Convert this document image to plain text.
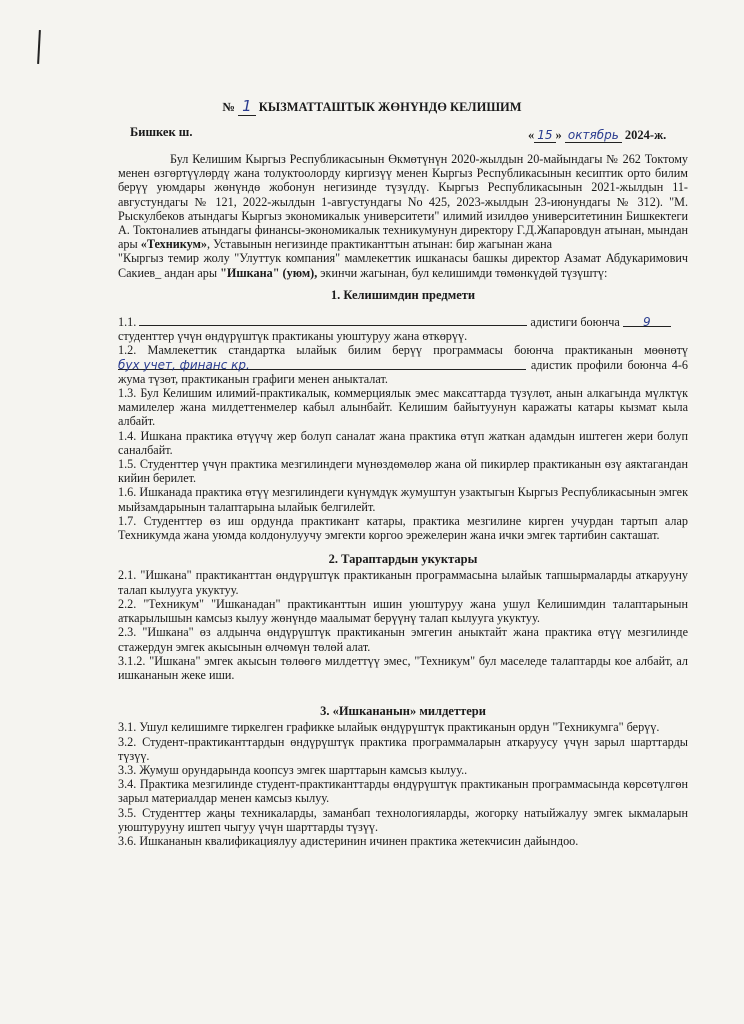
№ 1 КЫЗМАТТАШТЫК ЖӨНҮНДӨ КЕЛИШИМ
Бишкек ш.	« 15 » октябрь 2024-ж.

Бул Келишим Кыргыз Республикасынын Өкмөтүнүн 2020-жылдын 20-майындагы № 262 Токтому менен өзгөртүүлөрдү жана толуктоолорду киргизүү менен Кыргыз Республикасынын кесиптик орто билим берүү уюмдары жөнүндө жобонун негизинде түзүлдү. Кыргыз Республикасынын 2021-жылдын 11-августундагы № 121, 2022-жылдын 1-августундагы No 425, 2023-жылдын 23-июнундагы № 312). "М. Рыскулбеков атындагы Кыргыз экономикалык университети" илимий изилдөө университетинин Бишкектеги А. Токтоналиев атындагы финансы-экономикалык техникумунун директору Г.Д.Жапаровдун атынан, мындан ары «Техникум», Уставынын негизинде практиканттын атынан: бир жагынан жана

"Кыргыз темир жолу "Улуттук компания" мамлекеттик ишканасы башкы директор Азамат Абдукаримович Сакиев_ андан ары "Ишкана" (уюм), экинчи жагынан, бул келишимди төмөнкүдөй түзүштү:

1. Келишимдин предмети

1.1.	адистиги боюнча 9
студенттер үчүн өндүрүштүк практиканы уюштуруу жана өткөрүү.

1.2. Мамлекеттик стандартка ылайык билим берүү программасы боюнча практиканын мөөнөтү бух учет, финанс кр.	адистик профили боюнча 4-6 жума түзөт, практиканын графиги менен аныкталат.

1.3. Бул Келишим илимий-практикалык, коммерциялык эмес максаттарда түзүлөт, анын алкагында мүлктүк мамилелер жана милдеттенмелер кабыл алынбайт. Келишим байытуунун каражаты катары кызмат кыла албайт.

1.4. Ишкана практика өтүүчү жер болуп саналат жана практика өтүп жаткан адамдын иштеген жери болуп саналбайт.

1.5. Студенттер үчүн практика мезгилиндеги мүнөздөмөлөр жана ой пикирлер практиканын өзү аяктагандан кийин берилет.

1.6. Ишканада практика өтүү мезгилиндеги күнүмдүк жумуштун узактыгын Кыргыз Республикасынын эмгек мыйзамдарынын талаптарына ылайык белгилейт.

1.7. Студенттер өз иш ордунда практикант катары, практика мезгилине кирген учурдан тартып алар Техникумда жана уюмда колдонулуучу эмгекти коргоо эрежелерин жана ички эмгек тартибин сакташат.

2. Тараптардын укуктары

2.1. "Ишкана" практиканттан өндүрүштүк практиканын программасына ылайык тапшырмаларды аткарууну талап кылууга укуктуу.

2.2. "Техникум" "Ишканадан" практиканттын ишин уюштуруу жана ушул Келишимдин талаптарынын аткарылышын камсыз кылуу жөнүндө маалымат берүүнү талап кылууга укуктуу.

2.3. "Ишкана" өз алдынча өндүрүштүк практиканын эмгегин аныктайт жана практика өтүү мезгилинде стажердун эмгек акысынын өлчөмүн төлөй алат.

3.1.2. "Ишкана" эмгек акысын төлөөгө милдеттүү эмес, "Техникум" бул маселеде талаптарды кое албайт, ал ишкананын жеке иши.

3. «Ишкананын» милдеттери

3.1. Ушул келишимге тиркелген графикке ылайык өндүрүштүк практиканын ордун "Техникумга" берүү.

3.2. Студент-практиканттардын өндүрүштүк практика программаларын аткаруусу үчүн зарыл шарттарды түзүү.

3.3. Жумуш орундарында коопсуз эмгек шарттарын камсыз кылуу..

3.4. Практика мезгилинде студент-практиканттарды өндүрүштүк практиканын программасында көрсөтүлгөн зарыл материалдар менен камсыз кылуу.

3.5. Студенттер жаңы техникаларды, заманбап технологияларды, жогорку натыйжалуу эмгек ыкмаларын уюштурууну иштеп чыгуу үчүн шарттарды түзүү.

3.6. Ишкананын квалификациялуу адистеринин ичинен практика жетекчисин дайындоо.
